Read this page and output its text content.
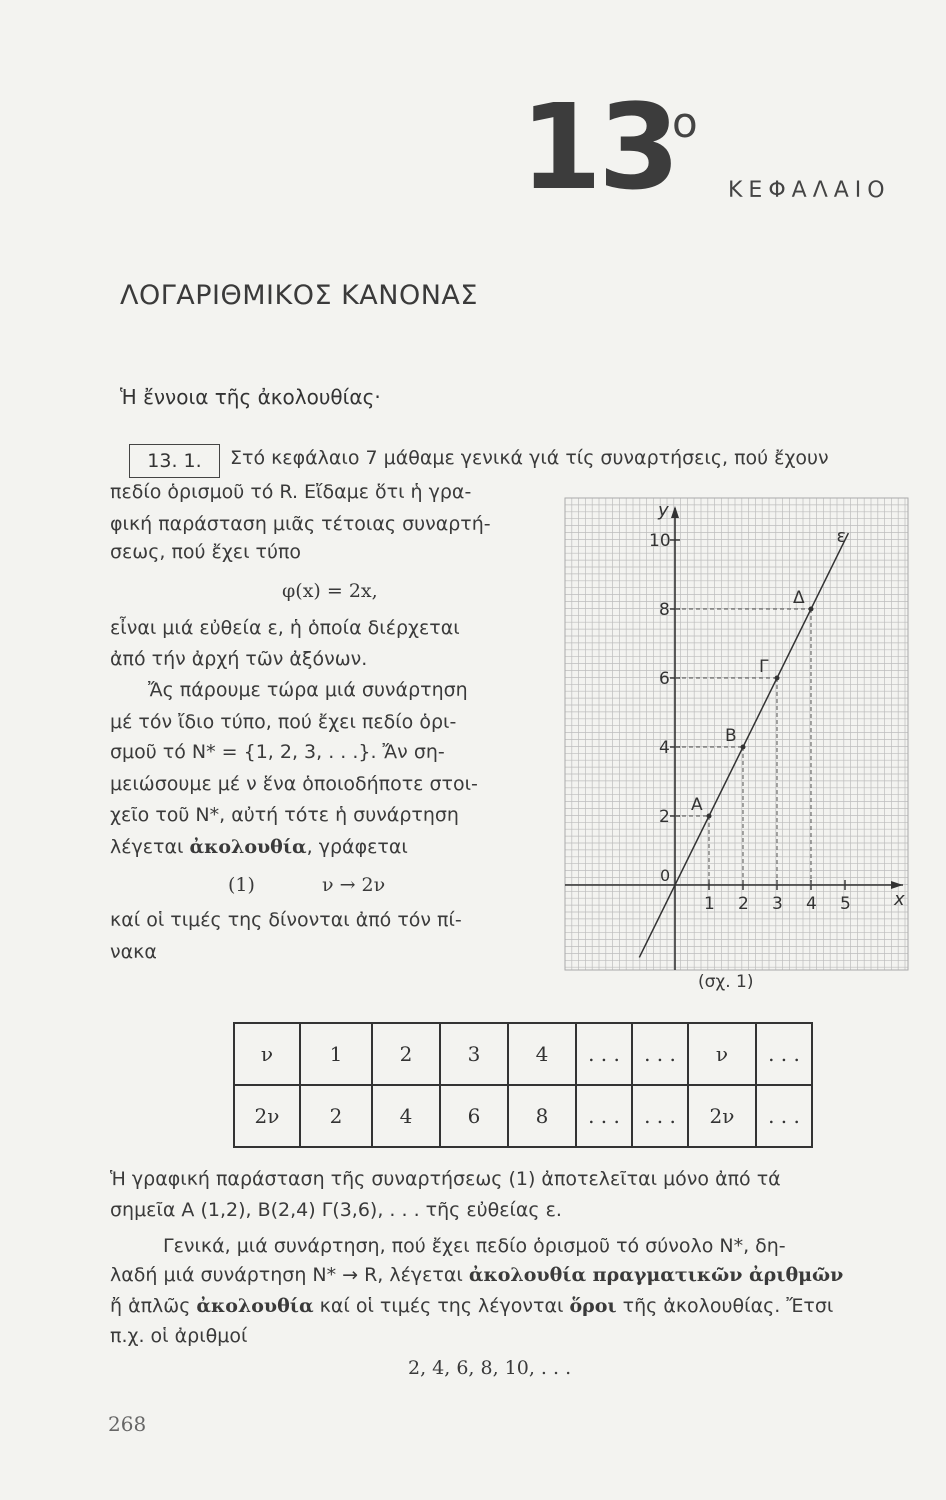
13
o
ΚΕΦΑΛΑΙΟ
ΛΟΓΑΡΙΘΜΙΚΟΣ ΚΑΝΟΝΑΣ
Ἡ ἔννοια τῆς ἀκολουθίας·
13. 1.	Στό κεφάλαιο 7 μάθαμε γενικά γιά τίς συναρτήσεις, πού ἔχουν
πεδίο ὁρισμοῦ τό R. Εἴδαμε ὅτι ἡ γρα-
φική παράσταση μιᾶς τέτοιας συναρτή-
σεως, πού ἔχει τύπο
φ(x) = 2x,
εἶναι μιά εὐθεία ε, ἡ ὁποία διέρχεται
ἀπό τήν ἀρχή τῶν ἀξόνων.
Ἄς πάρουμε τώρα μιά συνάρτηση
μέ τόν ἴδιο τύπο, πού ἔχει πεδίο ὁρι-
σμοῦ τό N* = {1, 2, 3, . . .}. Ἄν ση-
μειώσουμε μέ ν ἕνα ὁποιοδήποτε στοι-
χεῖο τοῦ N*, αὐτή τότε ἡ συνάρτηση
λέγεται ἀκολουθία, γράφεται
(1)	ν → 2ν
καί οἱ τιμές της δίνονται ἀπό τόν πί-
νακα
x
y
0
1 2 3 4 5
2
4
6
8
10	ε
A
B
Γ
Δ
(σχ. 1)
ν	1	2	3	4	. . .	. . .	ν	. . .
2ν	2	4	6	8	. . .	. . .	2ν	. . .
Ἡ γραφική παράσταση τῆς συναρτήσεως (1) ἀποτελεῖται μόνο ἀπό τά
σημεῖα Α (1,2), Β(2,4) Γ(3,6), . . . τῆς εὐθείας ε.
Γενικά, μιά συνάρτηση, πού ἔχει πεδίο ὁρισμοῦ τό σύνολο N*, δη-
λαδή μιά συνάρτηση N* → R, λέγεται ἀκολουθία πραγματικῶν ἀριθμῶν
ἤ ἁπλῶς ἀκολουθία καί οἱ τιμές της λέγονται ὅροι τῆς ἀκολουθίας. Ἔτσι
π.χ. οἱ ἀριθμοί
2, 4, 6, 8, 10, . . .
268
